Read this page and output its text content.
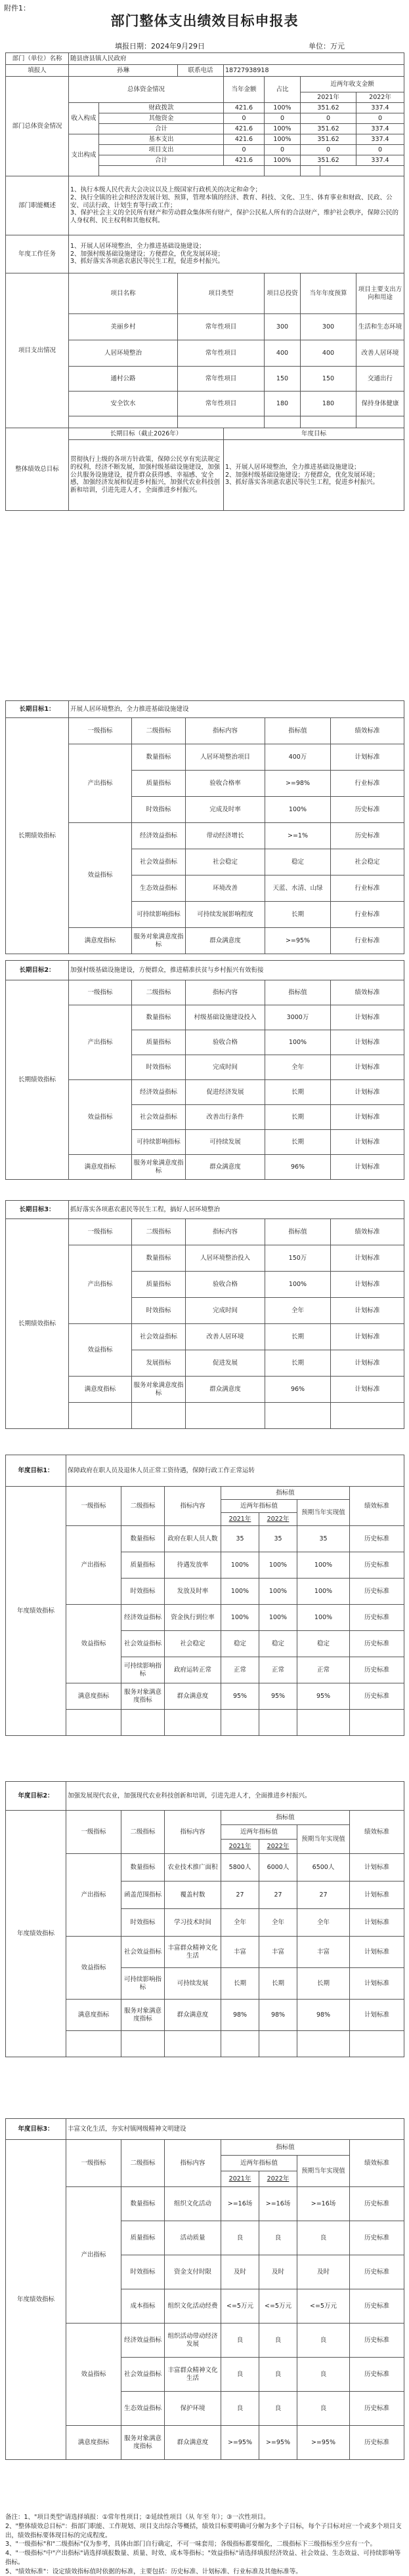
附件1：
部门整体支出绩效目标申报表
填报日期：2024年9月29日	单位：万元
部门（单位）名称	随县唐县镇人民政府								
填报人	孙琳		联系电话	18727938918					
部门总体资金情况	总体资金情况			当年金额	占比	近两年收支金额			
						2021年		2022年	
	收入构成	财政拨款		421.6	100%	351.62		337.4	
		其他资金		0	0	0		0	
		合计		421.6	100%	351.62		337.4	
	支出构成	基本支出		421.6	100%	351.62		337.4	
		项目支出		0	0	0		0	
		合计		421.6	100%	351.62		337.4	

部门职能概述	1、执行本级人民代表大会决议以及上级国家行政机关的决定和命令；
2、执行全镇的社会和经济发展计划、预算，管理本镇的经济、教育、科技、文化、卫生、体育事业和财政、民政、公安、司法行政、计划生育等行政工作；
3、保护社会主义的全民所有财产和劳动群众集体所有财产，保护公民私人所有的合法财产，维护社会秩序，保障公民的人身权利、民主权利和其他权利。								
年度工作任务	1、开展人居环境整治，全力推进基础设施建设；
2、加强村级基础设施建设；方便群众，优化发展环境；
3、抓好落实各项惠农惠民等民生工程，促进乡村振兴。								
项目支出情况	项目名称		项目类型		项目总投资	当年年度预算		项目主要支出方向和用途	
	美丽乡村		常年性项目		300	300		生活和生态环境	
	人居环境整治		常年性项目		400	400		改善人居环境	
	通村公路		常年性项目		150	150		交通出行	
	安全饮水		常年性项目		180	180		保持身体健康	

整体绩效总目标	长期目标（截止2026年）			年度目标					
	贯彻执行上级的各项方针政策，保障公民享有宪法规定的权利，经济不断发展，加强村级基础设施建设，加强公共服务设施建设，提升群众获得感、幸福感、安全感，加强经济发展和促进乡村振兴，加强代农业科技创新和培训，引进先进人才，全面推进乡村振兴。			1、开展人居环境整治，全力推进基础设施建设；
2、加强村级基础设施建设；方便群众，优化发展环境；
3、抓好落实各项惠农惠民等民生工程，促进乡村振兴。					
长期目标1：	开展人居环境整治，全力推进基础设施建设				
长期绩效指标	一级指标	二级指标	指标内容	指标值	绩效标准
	产出指标	数量指标	人居环境整治项目	400万	计划标准
		质量指标	验收合格率	>=98%	行业标准
		时效指标	完成及时率	100%	历史标准
	效益指标	经济效益指标	带动经济增长	>=1%	历史标准
		社会效益指标	社会稳定	稳定	社会稳定
		生态效益指标	环境改善	天蓝、水清、山绿	行业标准
		可持续影响指标	可持续发展影响程度	长期	行业标准
	满意度指标	服务对象满意度指标	群众满意度	>=95%	行业标准
长期目标2：	加强村级基础设施建设，方便群众，推进精准扶贫与乡村振兴有效衔接				
长期绩效指标	一级指标	二级指标	指标内容	指标值	绩效标准
	产出指标	数量指标	村级基础设施建设投入	3000万	计划标准
		质量指标	验收合格	100%	计划标准
		时效指标	完成时间	全年	计划标准
	效益指标	经济效益指标	促进经济发展	长期	计划标准
		社会效益指标	改善出行条件	长期	计划标准
		可持续影响指标	可持续发展	长期	计划标准
	满意度指标	服务对象满意度指标	群众满意度	96%	计划标准
长期目标3：	抓好落实各项惠农惠民等民生工程，搞好人居环境整治				
长期绩效指标	一级指标	二级指标	指标内容	指标值	绩效标准
	产出指标	数量指标	人居环境整治投入	150万	计划标准
		质量指标	验收合格	100%	计划标准
		时效指标	完成时间	全年	计划标准
	效益指标	社会效益指标	改善人居环境	长期	计划标准
		发展指标	促进发展	长期	计划标准
	满意度指标	服务对象满意度指标	群众满意度	96%	计划标准

年度目标1：	保障政府在职人员及退休人员正常工资待遇，保障行政工作正常运转						
年度绩效指标	一级指标	二级指标	指标内容	指标值			绩效标准
				近两年指标值		预期当年实现值	
				2021年	2022年		
	产出指标	数量指标	政府在职人员人数	35	35	35	历史标准
		质量指标	待遇发放率	100%	100%	100%	历史标准
		时效指标	发放及时率	100%	100%	100%	历史标准
	效益指标	经济效益指标	资金执行到位率	100%	100%	100%	历史标准
		社会效益指标	社会稳定	稳定	稳定	稳定	历史标准
		可持续影响指标	政府运转正常	正常	正常	正常	历史标准
	满意度指标	服务对象满意度指标	群众满意度	95%	95%	95%	历史标准

年度目标2：	加强发展现代农业，加强现代农业科技创新和培训，引进先进人才，全面推进乡村振兴。						
年度绩效指标	一级指标	二级指标	指标内容	指标值			绩效标准
				近两年指标值		预期当年实现值	
				2021年	2022年		
	产出指标	数量指标	农业技术推广面积	5800人	6000人	6500人	计划标准
		函盖范围指标	覆盖村数	27	27	27	计划标准
		时效指标	学习技术时间	全年	全年	全年	计划标准
	效益指标	社会效益指标	丰富群众精神文化生活	丰富	丰富	丰富	计划标准
		可持续影响指标	可持续发展	长期	长期	长期	计划标准
	满意度指标	服务对象满意度指标	群众满意度	98%	98%	98%	计划标准

年度目标3：	丰富文化生活，夯实村镇网级精神文明建设						
年度绩效指标	一级指标	二级指标	指标内容	指标值			绩效标准
				近两年指标值		预期当年实现值	
				2021年	2022年		
	产出指标	数量指标	组织文化活动	>=16场	>=16场	>=16场	历史标准
		质量指标	活动质量	良	良	良	历史标准
		时效指标	资金支付时限	及时	及时	及时	历史标准
		成本指标	组织文化活动经费	<=5万元	<=5万元	<=5万元	历史标准
	效益指标	经济效益指标	组织活动带动经济发展	良	良	良	历史标准
		社会效益指标	丰富群众精神文化生活	良	良	良	历史标准
		生态效益指标	保护环境	良	良	良	历史标准
	满意度指标	服务对象满意度指标	群众满意度	>=95%	>=95%	>=95%	历史标准

备注：1、"项目类型"请选择填报：①常年性项目；②延续性项目（从 年至 年）；③一次性项目。

2、"整体绩效总目标"：指部门职能、工作规划、项目支出综合等概括，绩效目标要明确可分解为多个子目标，每个子目标对应一个或多个项目支出，绩效指标要体现目标的完成程度。

3、"一级指标"和"二级指标"仅为参考，具体由部门自行确定，不可一味套用；各级指标都要细化，二级指标下三级指标至少应有一个。

4、"一级指标"中"产出指标"请选择填报数量、质量、时效、成本等指标；"效益指标"请选择填报经济效益、社会效益、生态效益、可持续影响等指标。

5、"绩效标准"：设定绩效指标值时依据的标准，主要包括：历史标准、计划标准、行业标准及其他标准等。
